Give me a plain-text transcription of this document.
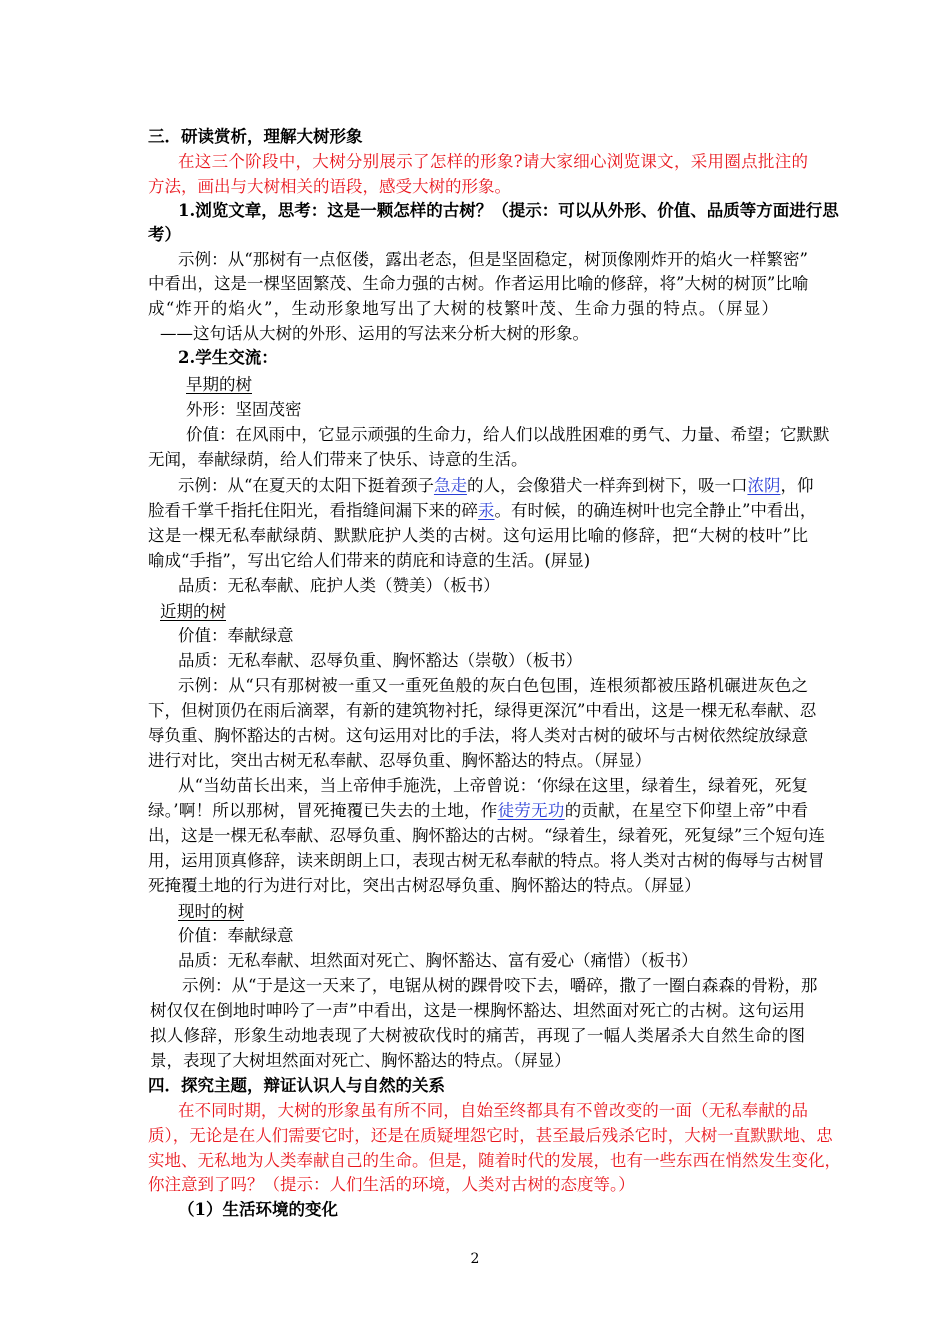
三．研读赏析，理解大树形象
在这三个阶段中，大树分别展示了怎样的形象?请大家细心浏览课文，采用圈点批注的
方法，画出与大树相关的语段，感受大树的形象。
1.浏览文章，思考：这是一颗怎样的古树？（提示：可以从外形、价值、品质等方面进行思
考）
示例：从“那树有一点伛偻，露出老态，但是坚固稳定，树顶像刚炸开的焰火一样繁密”
中看出，这是一棵坚固繁茂、生命力强的古树。作者运用比喻的修辞，将”大树的树顶”比喻
成“炸开的焰火”，生动形象地写出了大树的枝繁叶茂、生命力强的特点。（屏显）
——这句话从大树的外形、运用的写法来分析大树的形象。
2.学生交流：
早期的树
外形：坚固茂密
价值：在风雨中，它显示顽强的生命力，给人们以战胜困难的勇气、力量、希望；它默默
无闻，奉献绿荫，给人们带来了快乐、诗意的生活。
示例：从“在夏天的太阳下挺着颈子急走的人，会像猎犬一样奔到树下，吸一口浓阴，仰
脸看千掌千指托住阳光，看指缝间漏下来的碎汞。有时候，的确连树叶也完全静止”中看出，
这是一棵无私奉献绿荫、默默庇护人类的古树。这句运用比喻的修辞，把“大树的枝叶”比
喻成“手指”，写出它给人们带来的荫庇和诗意的生活。(屏显)
品质：无私奉献、庇护人类（赞美）（板书）
近期的树
价值：奉献绿意
品质：无私奉献、忍辱负重、胸怀豁达（崇敬）（板书）
示例：从“只有那树被一重又一重死鱼般的灰白色包围，连根须都被压路机碾进灰色之
下，但树顶仍在雨后滴翠，有新的建筑物衬托，绿得更深沉”中看出，这是一棵无私奉献、忍
辱负重、胸怀豁达的古树。这句运用对比的手法，将人类对古树的破坏与古树依然绽放绿意
进行对比，突出古树无私奉献、忍辱负重、胸怀豁达的特点。（屏显）
从“当幼苗长出来，当上帝伸手施洗，上帝曾说：‘你绿在这里，绿着生，绿着死，死复
绿。’啊！所以那树，冒死掩覆已失去的土地，作徒劳无功的贡献，在星空下仰望上帝”中看
出，这是一棵无私奉献、忍辱负重、胸怀豁达的古树。“绿着生，绿着死，死复绿”三个短句连
用，运用顶真修辞，读来朗朗上口，表现古树无私奉献的特点。将人类对古树的侮辱与古树冒
死掩覆土地的行为进行对比，突出古树忍辱负重、胸怀豁达的特点。（屏显）
现时的树
价值：奉献绿意
品质：无私奉献、坦然面对死亡、胸怀豁达、富有爱心（痛惜）（板书）
示例：从“于是这一天来了，电锯从树的踝骨咬下去，嚼碎，撒了一圈白森森的骨粉，那
树仅仅在倒地时呻吟了一声”中看出，这是一棵胸怀豁达、坦然面对死亡的古树。这句运用
拟人修辞，形象生动地表现了大树被砍伐时的痛苦，再现了一幅人类屠杀大自然生命的图
景，表现了大树坦然面对死亡、胸怀豁达的特点。（屏显）
四．探究主题，辩证认识人与自然的关系
在不同时期，大树的形象虽有所不同，自始至终都具有不曾改变的一面（无私奉献的品
质），无论是在人们需要它时，还是在质疑埋怨它时，甚至最后残杀它时，大树一直默默地、忠
实地、无私地为人类奉献自己的生命。但是，随着时代的发展，也有一些东西在悄然发生变化，
你注意到了吗？（提示：人们生活的环境，人类对古树的态度等。）
（1）生活环境的变化
2
